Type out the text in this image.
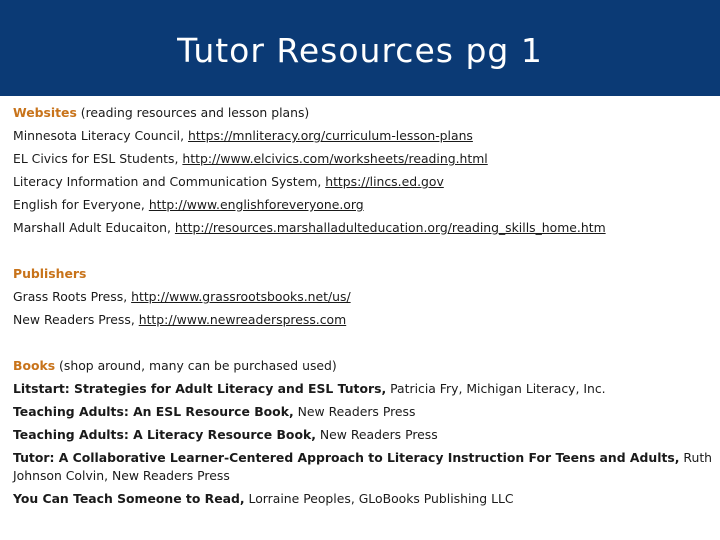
Tutor Resources pg 1
Websites (reading resources and lesson plans)
Minnesota Literacy Council, https://mnliteracy.org/curriculum-lesson-plans
EL Civics for ESL Students, http://www.elcivics.com/worksheets/reading.html
Literacy Information and Communication System, https://lincs.ed.gov
English for Everyone, http://www.englishforeveryone.org
Marshall Adult Educaiton, http://resources.marshalladulteducation.org/reading_skills_home.htm
Publishers
Grass Roots Press, http://www.grassrootsbooks.net/us/
New Readers Press, http://www.newreaderspress.com
Books (shop around, many can be purchased used)
Litstart: Strategies for Adult Literacy and ESL Tutors, Patricia Fry, Michigan Literacy, Inc.
Teaching Adults: An ESL Resource Book, New Readers Press
Teaching Adults: A Literacy Resource Book, New Readers Press
Tutor: A Collaborative Learner-Centered Approach to Literacy Instruction For Teens and Adults, Ruth Johnson Colvin, New Readers Press
You Can Teach Someone to Read, Lorraine Peoples, GLoBooks Publishing LLC
